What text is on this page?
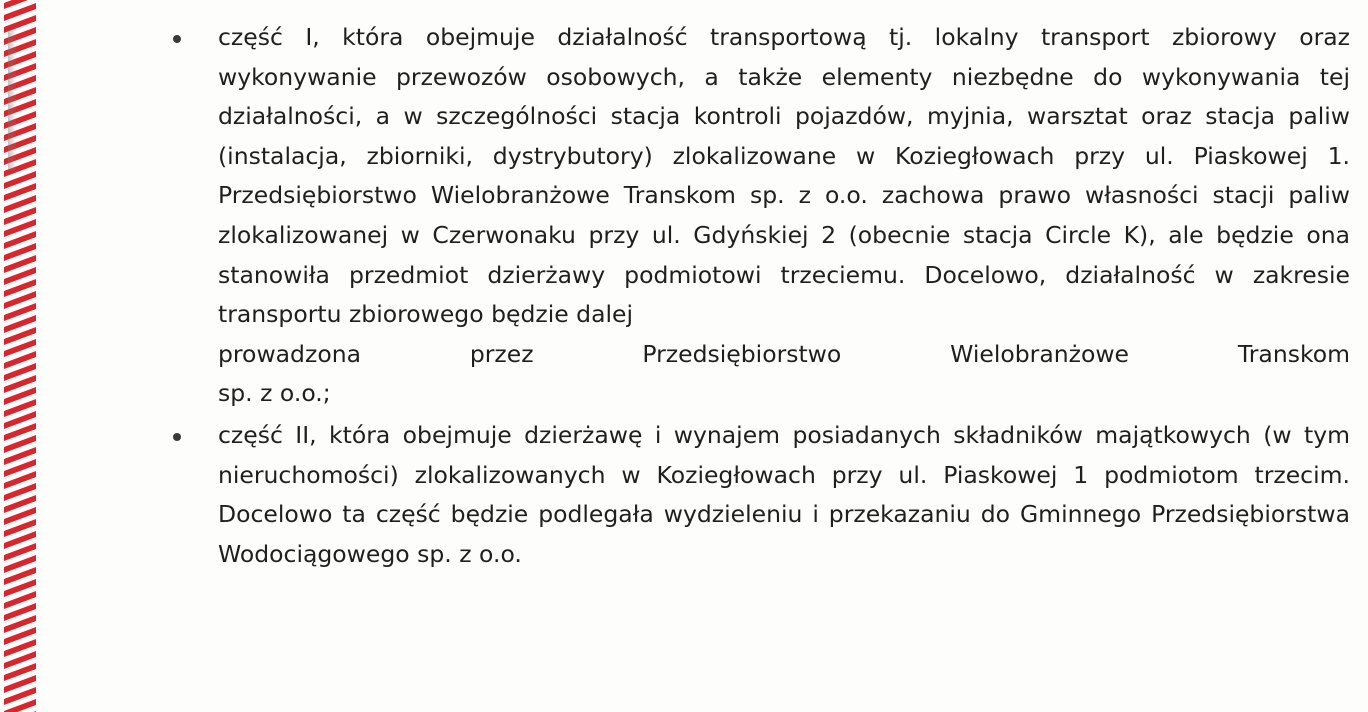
część I, która obejmuje działalność transportową tj. lokalny transport zbiorowy oraz wykonywanie przewozów osobowych, a także elementy niezbędne do wykonywania tej działalności, a w szczególności stacja kontroli pojazdów, myjnia, warsztat oraz stacja paliw (instalacja, zbiorniki, dystrybutory) zlokalizowane w Koziegłowach przy ul. Piaskowej 1. Przedsiębiorstwo Wielobranżowe Transkom sp. z o.o. zachowa prawo własności stacji paliw zlokalizowanej w Czerwonaku przy ul. Gdyńskiej 2 (obecnie stacja Circle K), ale będzie ona stanowiła przedmiot dzierżawy podmiotowi trzeciemu. Docelowo, działalność w zakresie transportu zbiorowego będzie dalej
prowadzona przez Przedsiębiorstwo Wielobranżowe Transkom
sp. z o.o.;
część II, która obejmuje dzierżawę i wynajem posiadanych składników majątkowych (w tym nieruchomości) zlokalizowanych w Koziegłowach przy ul. Piaskowej 1 podmiotom trzecim. Docelowo ta część będzie podlegała wydzieleniu i przekazaniu do Gminnego Przedsiębiorstwa Wodociągowego sp. z o.o.
